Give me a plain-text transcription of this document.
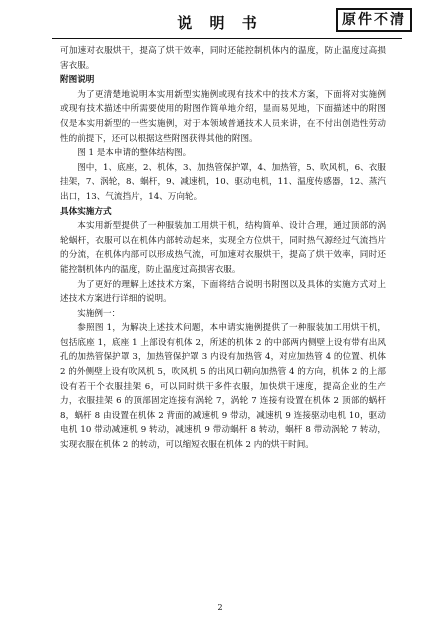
说 明 书	原件不清

可加速对衣服烘干，提高了烘干效率，同时还能控制机体内的温度，防止温度过高损害衣服。

附图说明

为了更清楚地说明本实用新型实施例或现有技术中的技术方案，下面将对实施例或现有技术描述中所需要使用的附图作简单地介绍，显而易见地，下面描述中的附图仅是本实用新型的一些实施例，对于本领域普通技术人员来讲，在不付出创造性劳动性的前提下，还可以根据这些附图获得其他的附图。

图 1 是本申请的整体结构图。

图中，1、底座，2、机体，3、加热管保护罩，4、加热管，5、吹风机，6、衣服挂架，7、涡轮，8、蜗杆，9、减速机，10、驱动电机，11、温度传感器，12、蒸汽出口，13、气流挡片，14、万向轮。

具体实施方式

本实用新型提供了一种服装加工用烘干机，结构简单、设计合理，通过顶部的涡轮蜗杆，衣服可以在机体内部转动起来，实现全方位烘干，同时热气源经过气流挡片的分流，在机体内部可以形成热气流，可加速对衣服烘干，提高了烘干效率，同时还能控制机体内的温度，防止温度过高损害衣服。

为了更好的理解上述技术方案，下面将结合说明书附图以及具体的实施方式对上述技术方案进行详细的说明。

实施例一：

参照图 1，为解决上述技术问题，本申请实施例提供了一种服装加工用烘干机，包括底座 1，底座 1 上部设有机体 2，所述的机体 2 的中部两内侧壁上设有带有出风孔的加热管保护罩 3，加热管保护罩 3 内设有加热管 4，对应加热管 4 的位置、机体 2 的外侧壁上设有吹风机 5，吹风机 5 的出风口朝向加热管 4 的方向，机体 2 的上部设有若干个衣服挂架 6，可以同时烘干多件衣服，加快烘干速度，提高企业的生产力，衣服挂架 6 的顶部固定连接有涡轮 7，涡轮 7 连接有设置在机体 2 顶部的蜗杆 8，蜗杆 8 由设置在机体 2 背面的减速机 9 带动，减速机 9 连接驱动电机 10，驱动电机 10 带动减速机 9 转动，减速机 9 带动蜗杆 8 转动，蜗杆 8 带动涡轮 7 转动，实现衣服在机体 2 的转动，可以缩短衣服在机体 2 内的烘干时间。

2
